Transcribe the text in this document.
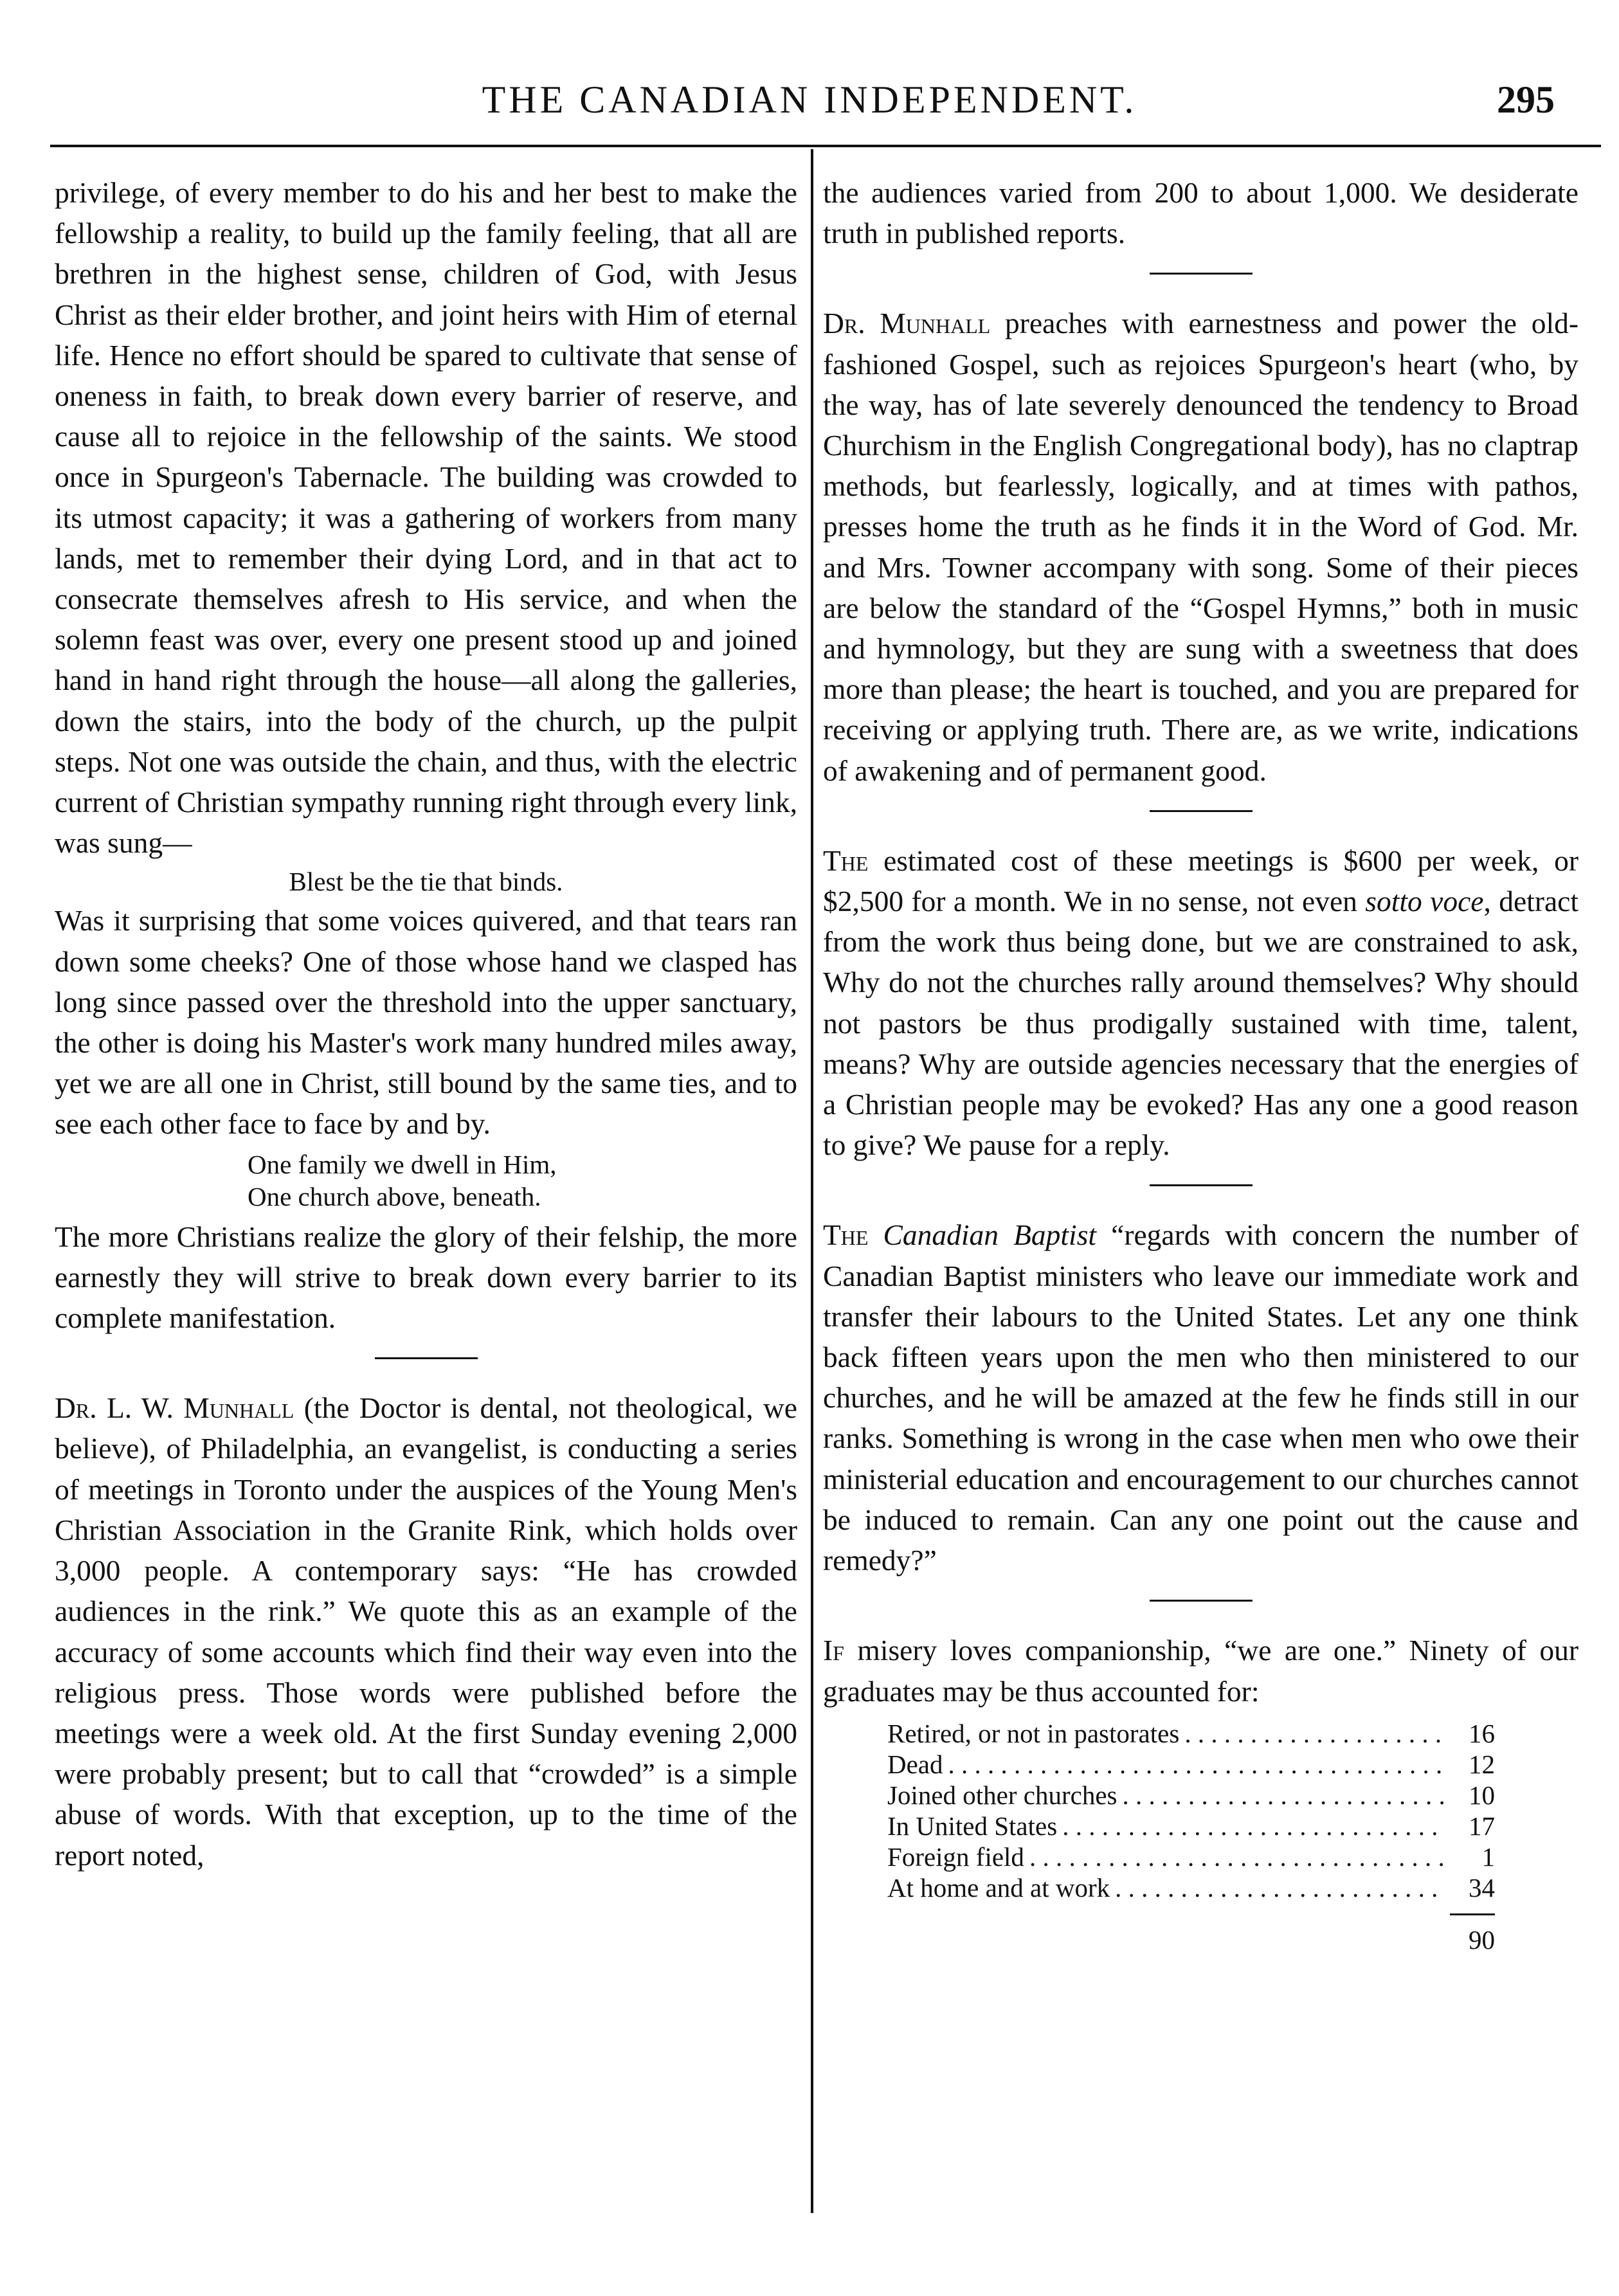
THE CANADIAN INDEPENDENT.	295

privilege, of every member to do his and her best to make the fellowship a reality, to build up the family feeling, that all are brethren in the highest sense, children of God, with Jesus Christ as their elder brother, and joint heirs with Him of eternal life. Hence no effort should be spared to cultivate that sense of oneness in faith, to break down every barrier of reserve, and cause all to rejoice in the fellowship of the saints. We stood once in Spurgeon's Tabernacle. The building was crowded to its utmost capacity; it was a gathering of workers from many lands, met to remember their dying Lord, and in that act to consecrate themselves afresh to His service, and when the solemn feast was over, every one present stood up and joined hand in hand right through the house—all along the galleries, down the stairs, into the body of the church, up the pulpit steps. Not one was outside the chain, and thus, with the electric current of Christian sympathy running right through every link, was sung—

Blest be the tie that binds.

Was it surprising that some voices quivered, and that tears ran down some cheeks? One of those whose hand we clasped has long since passed over the threshold into the upper sanctuary, the other is doing his Master's work many hundred miles away, yet we are all one in Christ, still bound by the same ties, and to see each other face to face by and by.

One family we dwell in Him,
One church above, beneath.

The more Christians realize the glory of their felship, the more earnestly they will strive to break down every barrier to its complete manifestation.

Dr. L. W. Munhall (the Doctor is dental, not theological, we believe), of Philadelphia, an evangelist, is conducting a series of meetings in Toronto under the auspices of the Young Men's Christian Association in the Granite Rink, which holds over 3,000 people. A contemporary says: “He has crowded audiences in the rink.” We quote this as an example of the accuracy of some accounts which find their way even into the religious press. Those words were published before the meetings were a week old. At the first Sunday evening 2,000 were probably present; but to call that “crowded” is a simple abuse of words. With that exception, up to the time of the report noted,

the audiences varied from 200 to about 1,000. We desiderate truth in published reports.

Dr. Munhall preaches with earnestness and power the old-fashioned Gospel, such as rejoices Spurgeon's heart (who, by the way, has of late severely denounced the tendency to Broad Churchism in the English Congregational body), has no claptrap methods, but fearlessly, logically, and at times with pathos, presses home the truth as he finds it in the Word of God. Mr. and Mrs. Towner accompany with song. Some of their pieces are below the standard of the “Gospel Hymns,” both in music and hymnology, but they are sung with a sweetness that does more than please; the heart is touched, and you are prepared for receiving or applying truth. There are, as we write, indications of awakening and of permanent good.

The estimated cost of these meetings is $600 per week, or $2,500 for a month. We in no sense, not even sotto voce, detract from the work thus being done, but we are constrained to ask, Why do not the churches rally around themselves? Why should not pastors be thus prodigally sustained with time, talent, means? Why are outside agencies necessary that the energies of a Christian people may be evoked? Has any one a good reason to give? We pause for a reply.

The Canadian Baptist “regards with concern the number of Canadian Baptist ministers who leave our immediate work and transfer their labours to the United States. Let any one think back fifteen years upon the men who then ministered to our churches, and he will be amazed at the few he finds still in our ranks. Something is wrong in the case when men who owe their ministerial education and encouragement to our churches cannot be induced to remain. Can any one point out the cause and remedy?”

If misery loves companionship, “we are one.” Ninety of our graduates may be thus accounted for:

Retired, or not in pastorates . . .	16
Dead . . .	12
Joined other churches . . .	10
In United States . . .	17
Foreign field . . .	1
At home and at work . . .	34
90
